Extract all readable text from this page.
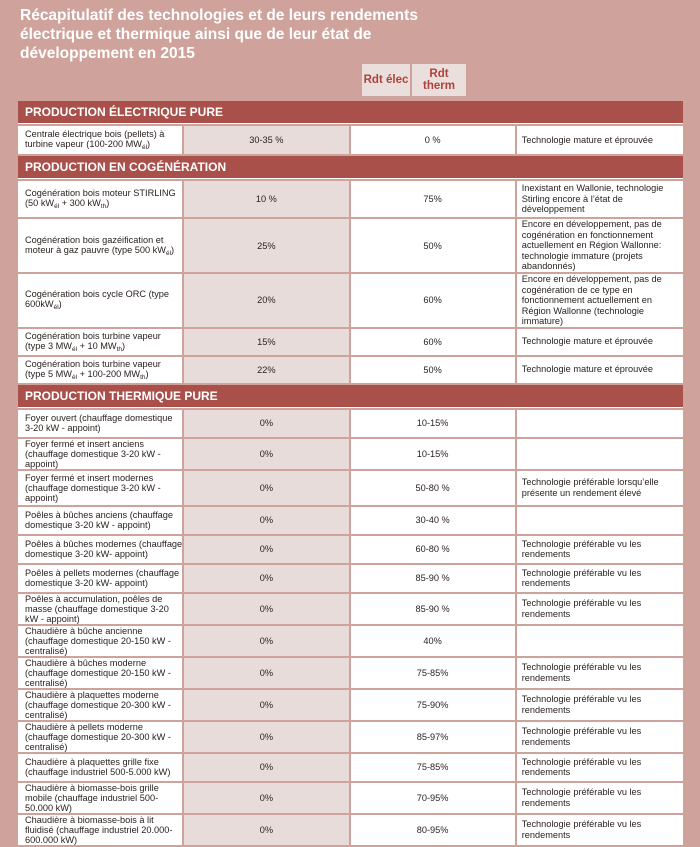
Récapitulatif des technologies et de leurs rendements électrique et thermique ainsi que de leur état de développement en 2015
Rdt élec	Rdt
therm
PRODUCTION ÉLECTRIQUE PURE			
Centrale électrique bois (pellets) à turbine vapeur (100-200 $MW_{él}$)	30-35 %	0 %	Technologie mature et éprouvée
PRODUCTION EN COGÉNÉRATION			
Cogénération bois moteur STIRLING (50 $kW_{él} + 300$ $kW_{th}$)	10 %	75%	Inexistant en Wallonie, technologie Stirling encore à l’état de développement
Cogénération bois gazéification et moteur à gaz pauvre (type 500 $kW_{él}$)	25%	50%	Encore en développement, pas de cogénération en fonctionnement actuellement en Région Wallonne: technologie immature (projets abandonnés)
Cogénération bois cycle ORC (type $600kW_{él}$)	20%	60%	Encore en développement, pas de cogénération de ce type en fonctionnement actuellement en Région Wallonne (technologie immature)
Cogénération bois turbine vapeur (type 3 $MW_{él} + 10$ $MW_{th}$)	15%	60%	Technologie mature et éprouvée
Cogénération bois turbine vapeur (type 5 $MW_{él} + 100-200$ $MW_{th}$)	22%	50%	Technologie mature et éprouvée
PRODUCTION THERMIQUE PURE			
Foyer ouvert (chauffage domestique 3-20 kW - appoint)	0%	10-15%	
Foyer fermé et insert anciens (chauffage domestique 3-20 kW - appoint)	0%	10-15%	
Foyer fermé et insert modernes (chauffage domestique 3-20 kW - appoint)	0%	50-80 %	Technologie préférable lorsqu’elle présente un rendement élevé
Poêles à bûches anciens (chauffage domestique 3-20 kW - appoint)	0%	30-40 %	
Poêles à bûches modernes (chauffage domestique 3-20 kW- appoint)	0%	60-80 %	Technologie préférable vu les rendements
Poêles à pellets modernes (chauffage domestique 3-20 kW- appoint)	0%	85-90 %	Technologie préférable vu les rendements
Poêles à accumulation, poêles de masse (chauffage domestique 3-20 kW - appoint)	0%	85-90 %	Technologie préférable vu les rendements
Chaudière à bûche ancienne (chauffage domestique 20-150 kW - centralisé)	0%	40%	
Chaudière à bûches moderne (chauffage domestique 20-150 kW - centralisé)	0%	75-85%	Technologie préférable vu les rendements
Chaudière à plaquettes moderne (chauffage domestique 20-300 kW - centralisé)	0%	75-90%	Technologie préférable vu les rendements
Chaudière à pellets moderne (chauffage domestique 20-300 kW - centralisé)	0%	85-97%	Technologie préférable vu les rendements
Chaudière à plaquettes grille fixe (chauffage industriel 500-5.000 kW)	0%	75-85%	Technologie préférable vu les rendements
Chaudière à biomasse-bois grille mobile (chauffage industriel 500-50.000 kW)	0%	70-95%	Technologie préférable vu les rendements
Chaudière à biomasse-bois à lit fluidisé (chauffage industriel 20.000-600.000 kW)	0%	80-95%	Technologie préférable vu les rendements
